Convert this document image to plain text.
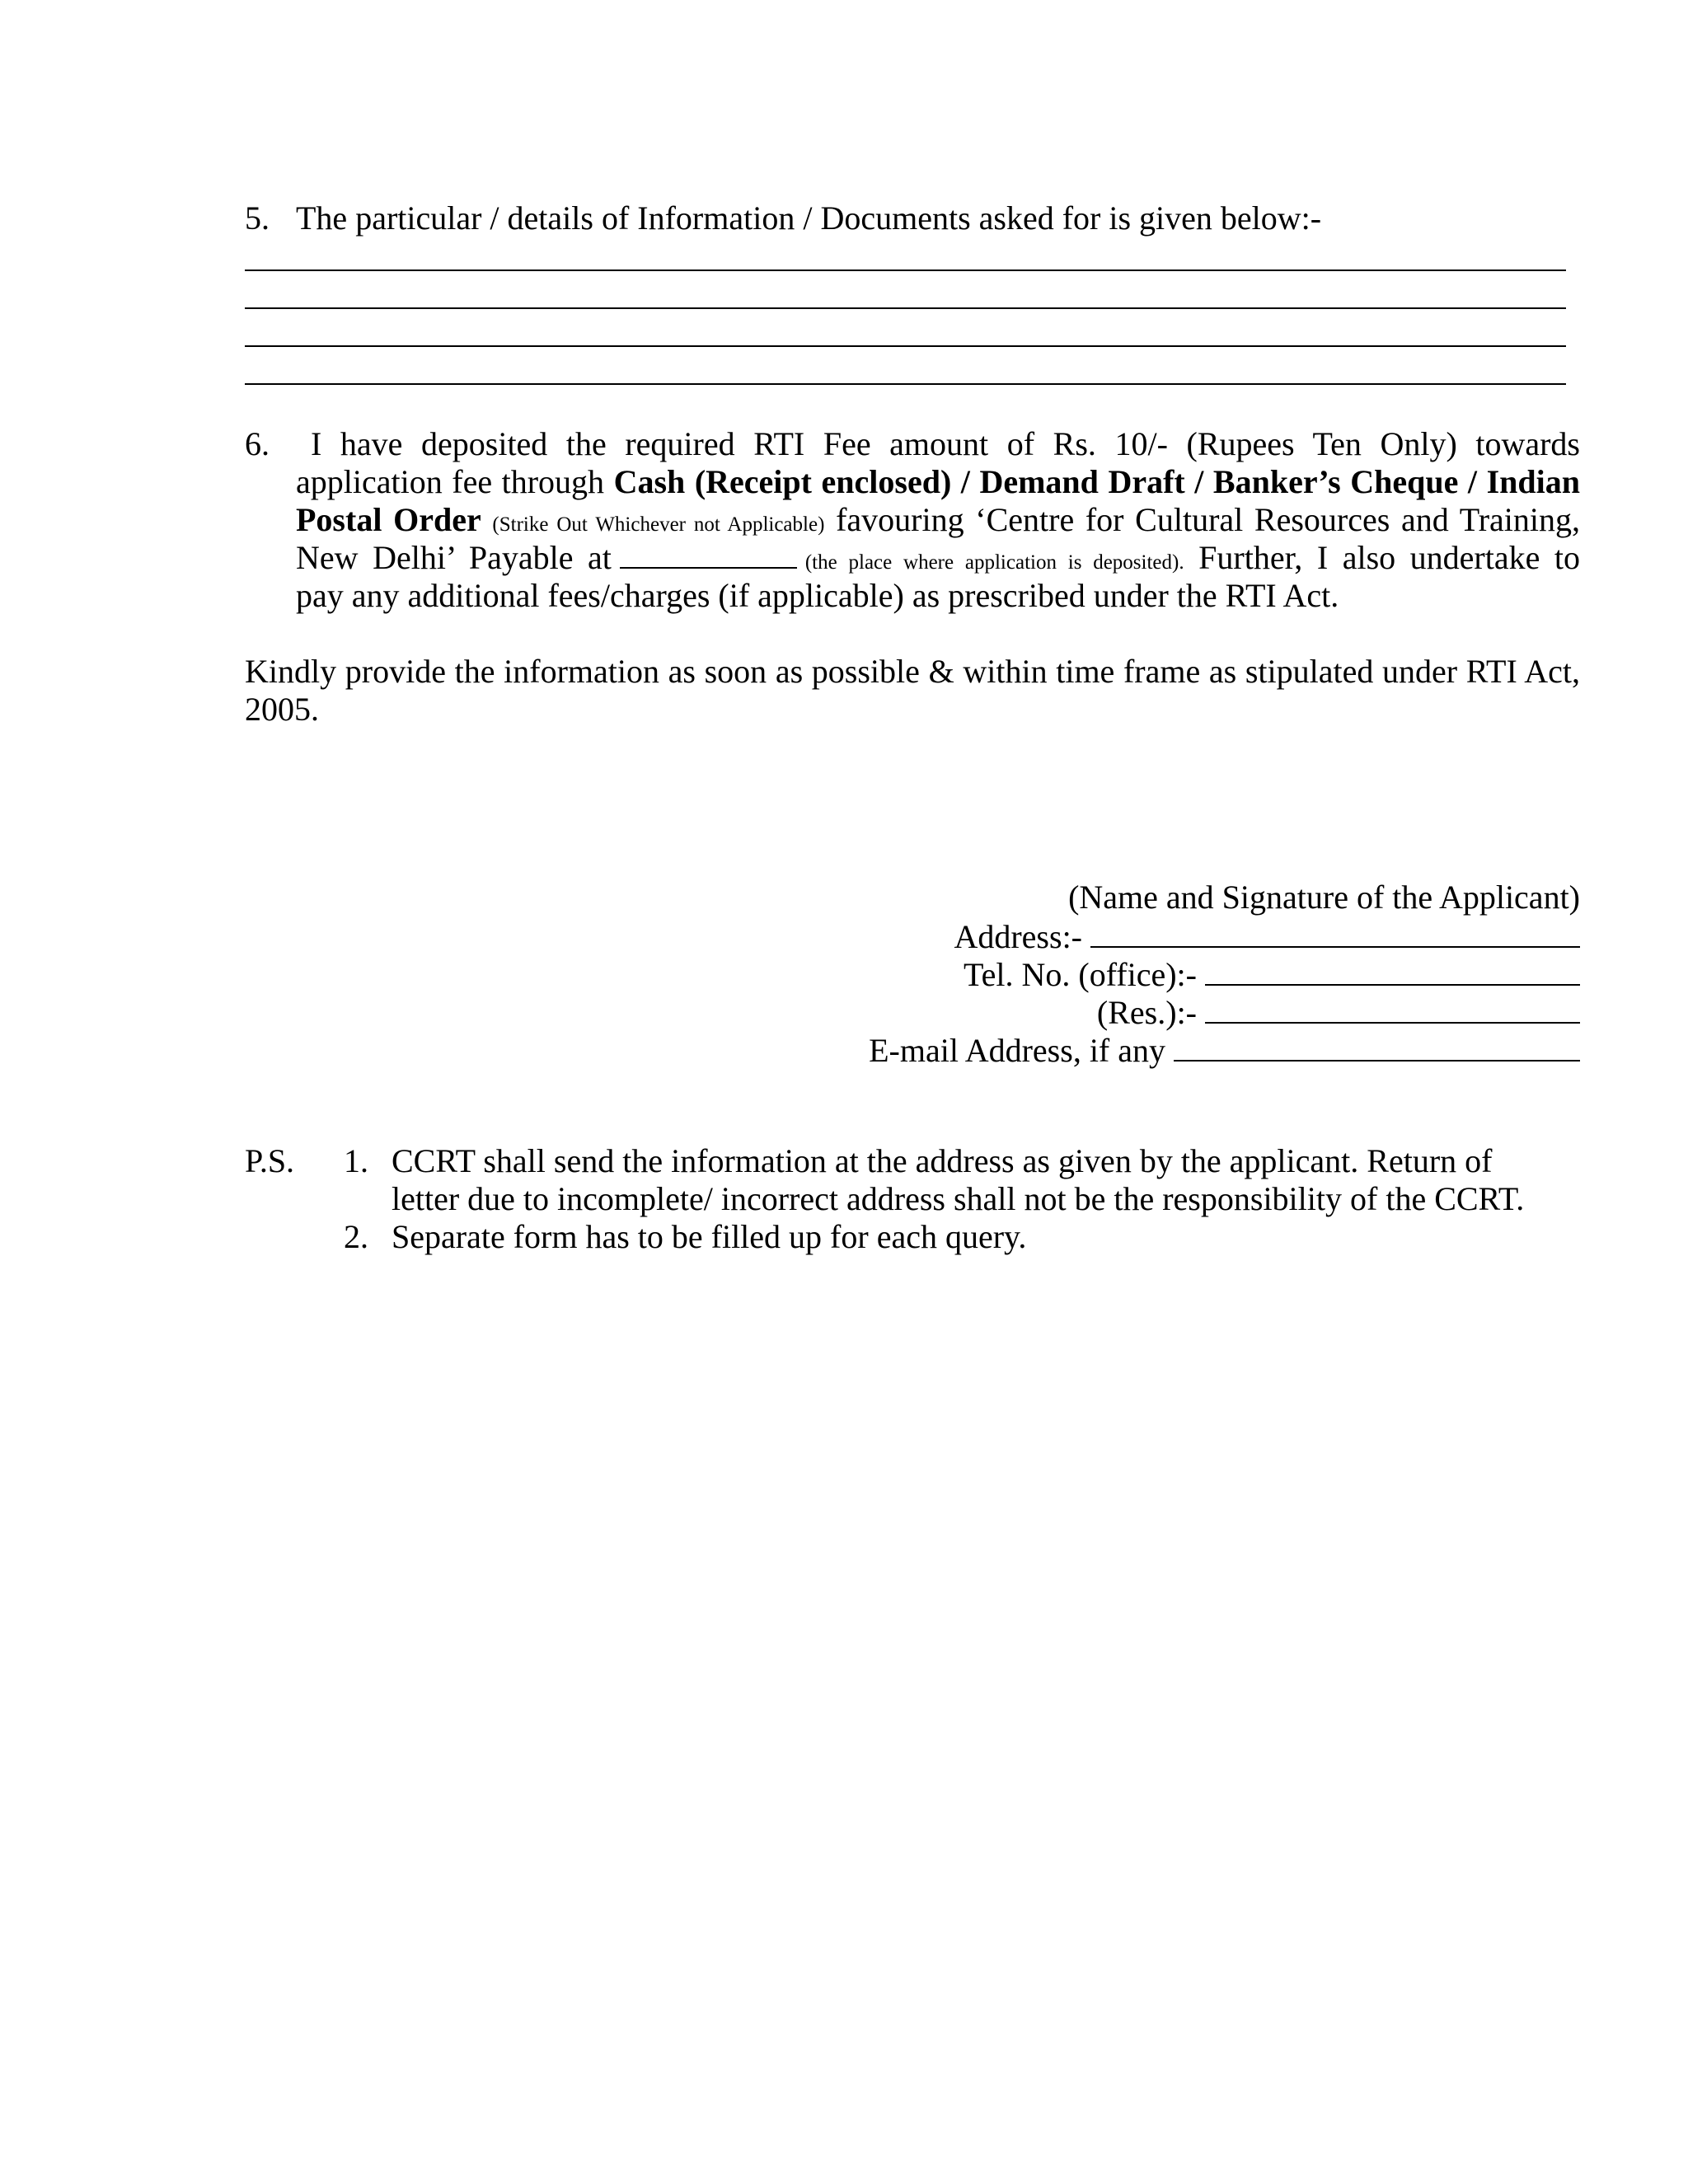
5. The particular / details of Information / Documents asked for is given below:-
6.	I have deposited the required RTI Fee amount of Rs. 10/- (Rupees Ten Only) towards
application fee through Cash (Receipt enclosed) / Demand Draft / Banker’s Cheque / Indian
Postal Order (Strike Out Whichever not Applicable) favouring ‘Centre for Cultural Resources and Training,
New Delhi’ Payable at	(the place where application is deposited). Further, I also undertake to
pay any additional fees/charges (if applicable) as prescribed under the RTI Act.
Kindly provide the information as soon as possible & within time frame as stipulated under RTI Act,
2005.
(Name and Signature of the Applicant)
Address:-
Tel. No. (office):-
(Res.):-
E-mail Address, if any
P.S. 1. CCRT shall send the information at the address as given by the applicant. Return of
letter due to incomplete/ incorrect address shall not be the responsibility of the CCRT.
2. Separate form has to be filled up for each query.
